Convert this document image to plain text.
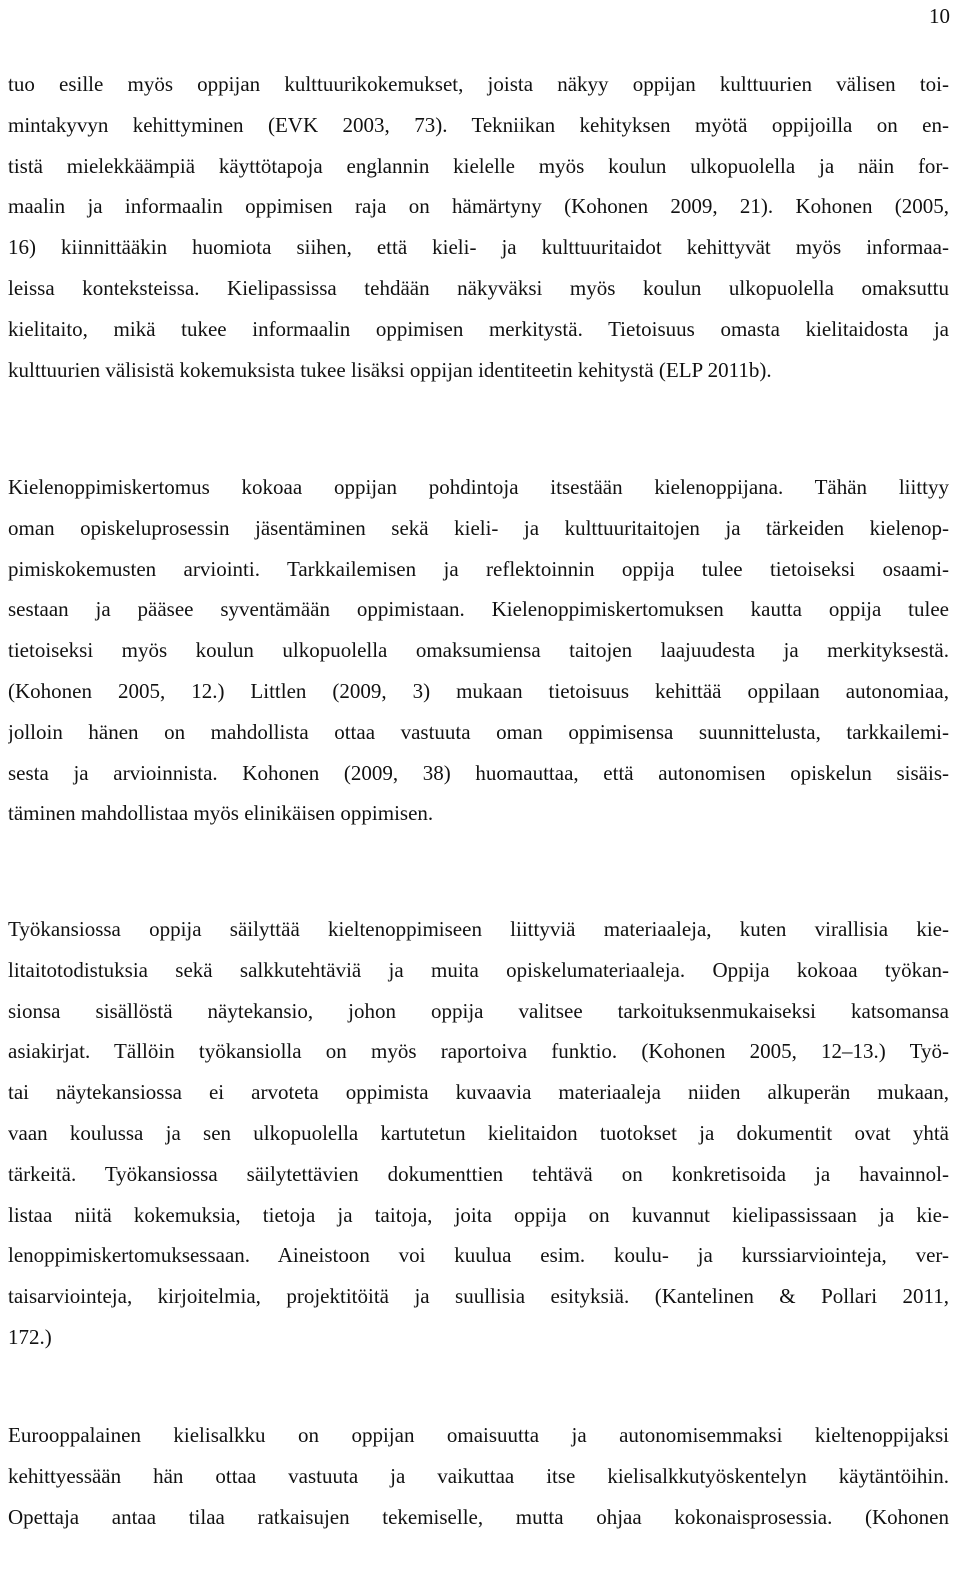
10

tuo esille myös oppijan kulttuurikokemukset, joista näkyy oppijan kulttuurien välisen toi-
mintakyvyn kehittyminen (EVK 2003, 73). Tekniikan kehityksen myötä oppijoilla on en-
tistä mielekkäämpiä käyttötapoja englannin kielelle myös koulun ulkopuolella ja näin for-
maalin ja informaalin oppimisen raja on hämärtyny (Kohonen 2009, 21). Kohonen (2005,
16) kiinnittääkin huomiota siihen, että kieli- ja kulttuuritaidot kehittyvät myös informaa-
leissa konteksteissa. Kielipassissa tehdään näkyväksi myös koulun ulkopuolella omaksuttu
kielitaito, mikä tukee informaalin oppimisen merkitystä. Tietoisuus omasta kielitaidosta ja
kulttuurien välisistä kokemuksista tukee lisäksi oppijan identiteetin kehitystä (ELP 2011b).

Kielenoppimiskertomus kokoaa oppijan pohdintoja itsestään kielenoppijana. Tähän liittyy
oman opiskeluprosessin jäsentäminen sekä kieli- ja kulttuuritaitojen ja tärkeiden kielenop-
pimiskokemusten arviointi. Tarkkailemisen ja reflektoinnin oppija tulee tietoiseksi osaami-
sestaan ja pääsee syventämään oppimistaan. Kielenoppimiskertomuksen kautta oppija tulee
tietoiseksi myös koulun ulkopuolella omaksumiensa taitojen laajuudesta ja merkityksestä.
(Kohonen 2005, 12.) Littlen (2009, 3) mukaan tietoisuus kehittää oppilaan autonomiaa,
jolloin hänen on mahdollista ottaa vastuuta oman oppimisensa suunnittelusta, tarkkailemi-
sesta ja arvioinnista. Kohonen (2009, 38) huomauttaa, että autonomisen opiskelun sisäis-
täminen mahdollistaa myös elinikäisen oppimisen.

Työkansiossa oppija säilyttää kieltenoppimiseen liittyviä materiaaleja, kuten virallisia kie-
litaitotodistuksia sekä salkkutehtäviä ja muita opiskelumateriaaleja. Oppija kokoaa työkan-
sionsa sisällöstä näytekansio, johon oppija valitsee tarkoituksenmukaiseksi katsomansa
asiakirjat. Tällöin työkansiolla on myös raportoiva funktio. (Kohonen 2005, 12–13.) Työ-
tai näytekansiossa ei arvoteta oppimista kuvaavia materiaaleja niiden alkuperän mukaan,
vaan koulussa ja sen ulkopuolella kartutetun kielitaidon tuotokset ja dokumentit ovat yhtä
tärkeitä. Työkansiossa säilytettävien dokumenttien tehtävä on konkretisoida ja havainnol-
listaa niitä kokemuksia, tietoja ja taitoja, joita oppija on kuvannut kielipassissaan ja kie-
lenoppimiskertomuksessaan. Aineistoon voi kuulua esim. koulu- ja kurssiarviointeja, ver-
taisarviointeja, kirjoitelmia, projektitöitä ja suullisia esityksiä. (Kantelinen & Pollari 2011,
172.)

Eurooppalainen kielisalkku on oppijan omaisuutta ja autonomisemmaksi kieltenoppijaksi
kehittyessään hän ottaa vastuuta ja vaikuttaa itse kielisalkkutyöskentelyn käytäntöihin.
Opettaja antaa tilaa ratkaisujen tekemiselle, mutta ohjaa kokonaisprosessia. (Kohonen
